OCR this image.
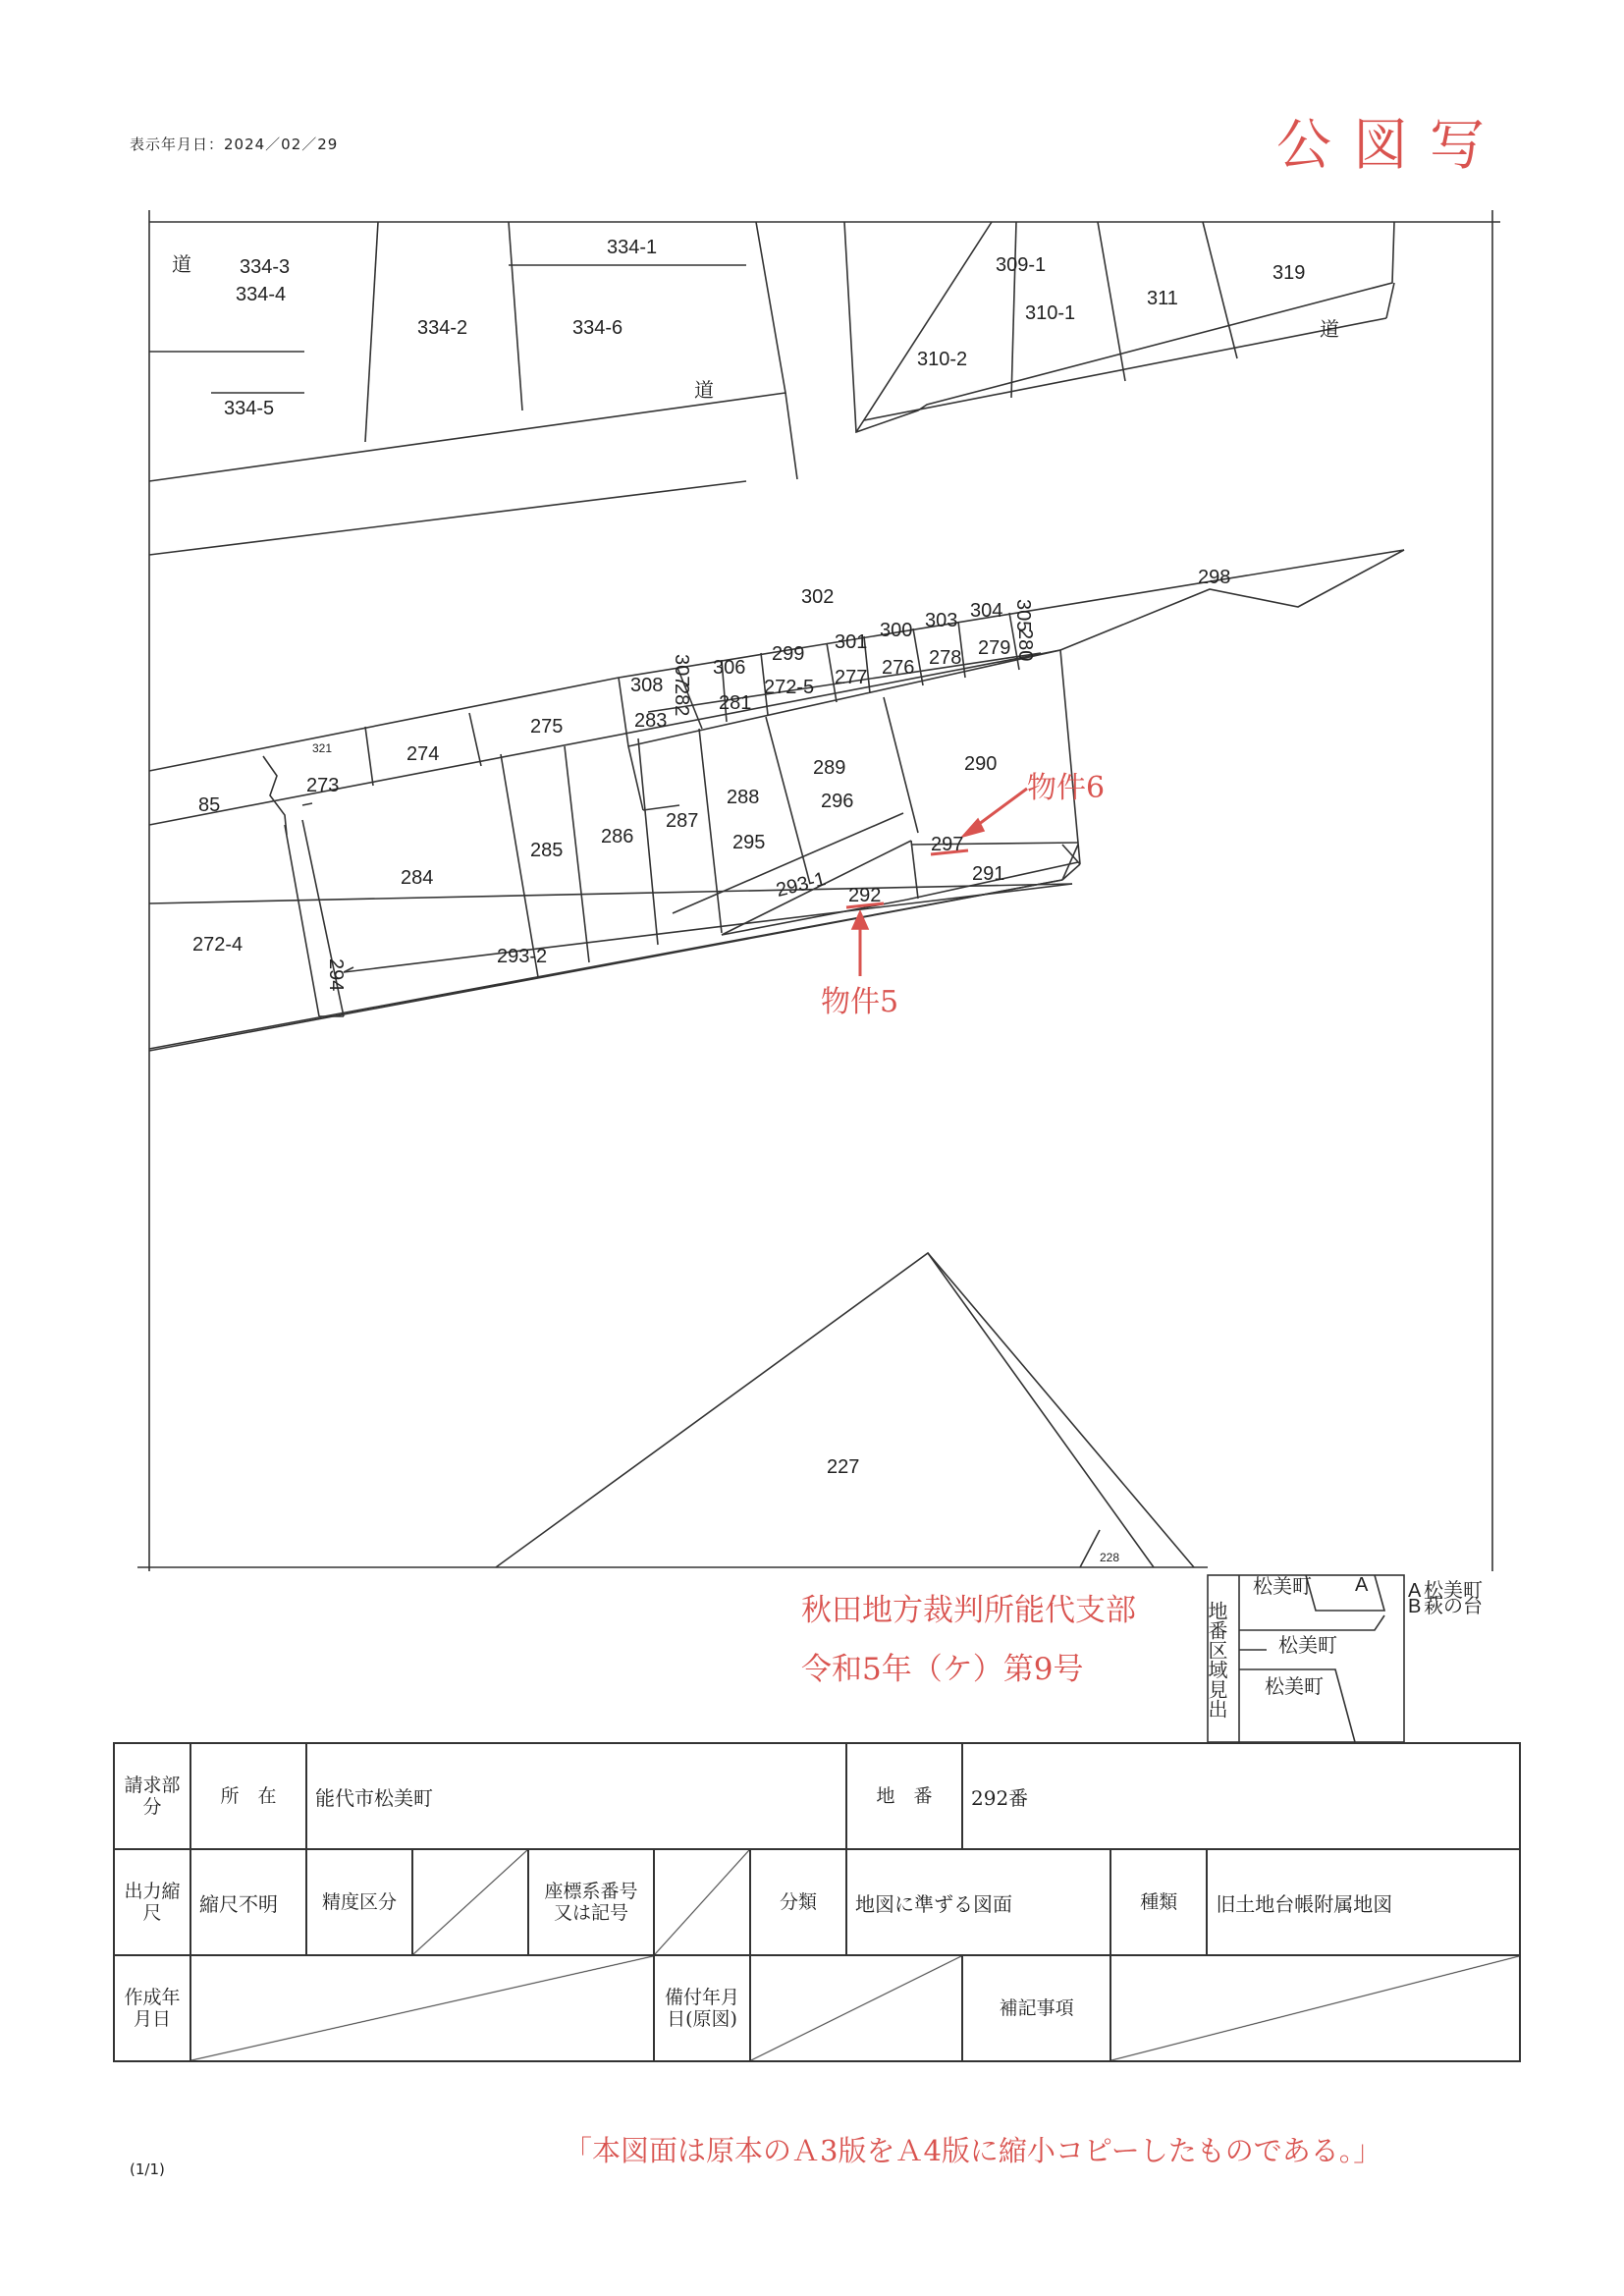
表示年月日：2024／02／29	公図写
334-3
334-4
334-5
334-2
334-1
334-6
道
道
309-1
310-1
310-2
311
319
道
298
302
301
300 303 304 305
280
299
306
307
282
308	272-5 277 276 278 279
281
283
275
274
321
273
85
290
289
288	296
287
286
285
284
295	297
291
293-1 292
272-4
294
293-2
227
228
物件6
物件5
地番区域見出
松美町
松美町
松美町
A A
B
松美町
萩の台
秋田地方裁判所能代支部
令和5年（ケ）第9号
請求部分	所　在	能代市松美町					地　番	292番		
出力縮尺	縮尺不明	精度区分		座標系番号又は記号		分類	地図に準ずる図面		種類	旧土地台帳附属地図
作成年月日					備付年月日(原図)			補記事項		
「本図面は原本のＡ3版をＡ4版に縮小コピーしたものである。」
(1/1)
